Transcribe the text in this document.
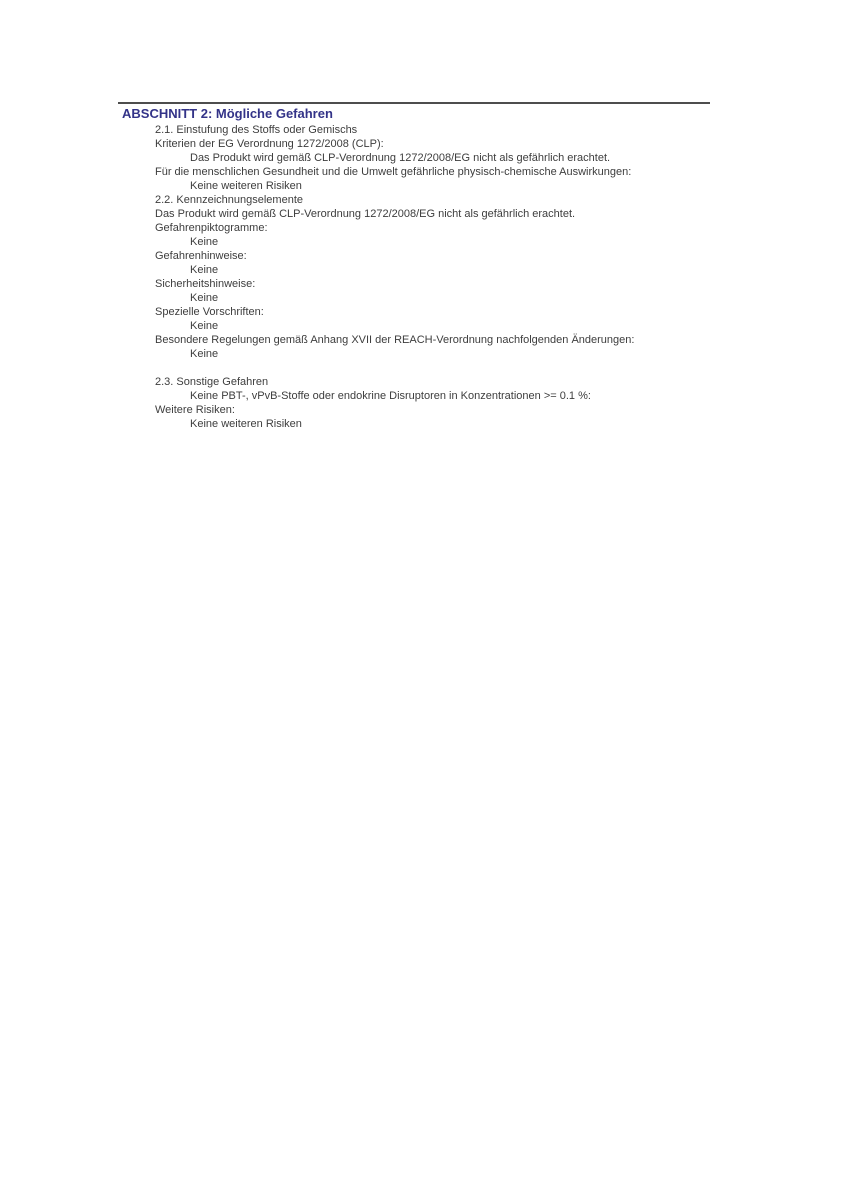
ABSCHNITT 2: Mögliche Gefahren
2.1. Einstufung des Stoffs oder Gemischs
Kriterien der EG Verordnung 1272/2008 (CLP):
Das Produkt wird gemäß CLP-Verordnung 1272/2008/EG nicht als gefährlich erachtet.
Für die menschlichen Gesundheit und die Umwelt gefährliche physisch-chemische Auswirkungen:
Keine weiteren Risiken
2.2. Kennzeichnungselemente
Das Produkt wird gemäß CLP-Verordnung 1272/2008/EG nicht als gefährlich erachtet.
Gefahrenpiktogramme:
Keine
Gefahrenhinweise:
Keine
Sicherheitshinweise:
Keine
Spezielle Vorschriften:
Keine
Besondere Regelungen gemäß Anhang XVII der REACH-Verordnung nachfolgenden Änderungen:
Keine
2.3. Sonstige Gefahren
Keine PBT-, vPvB-Stoffe oder endokrine Disruptoren in Konzentrationen >= 0.1 %:
Weitere Risiken:
Keine weiteren Risiken
